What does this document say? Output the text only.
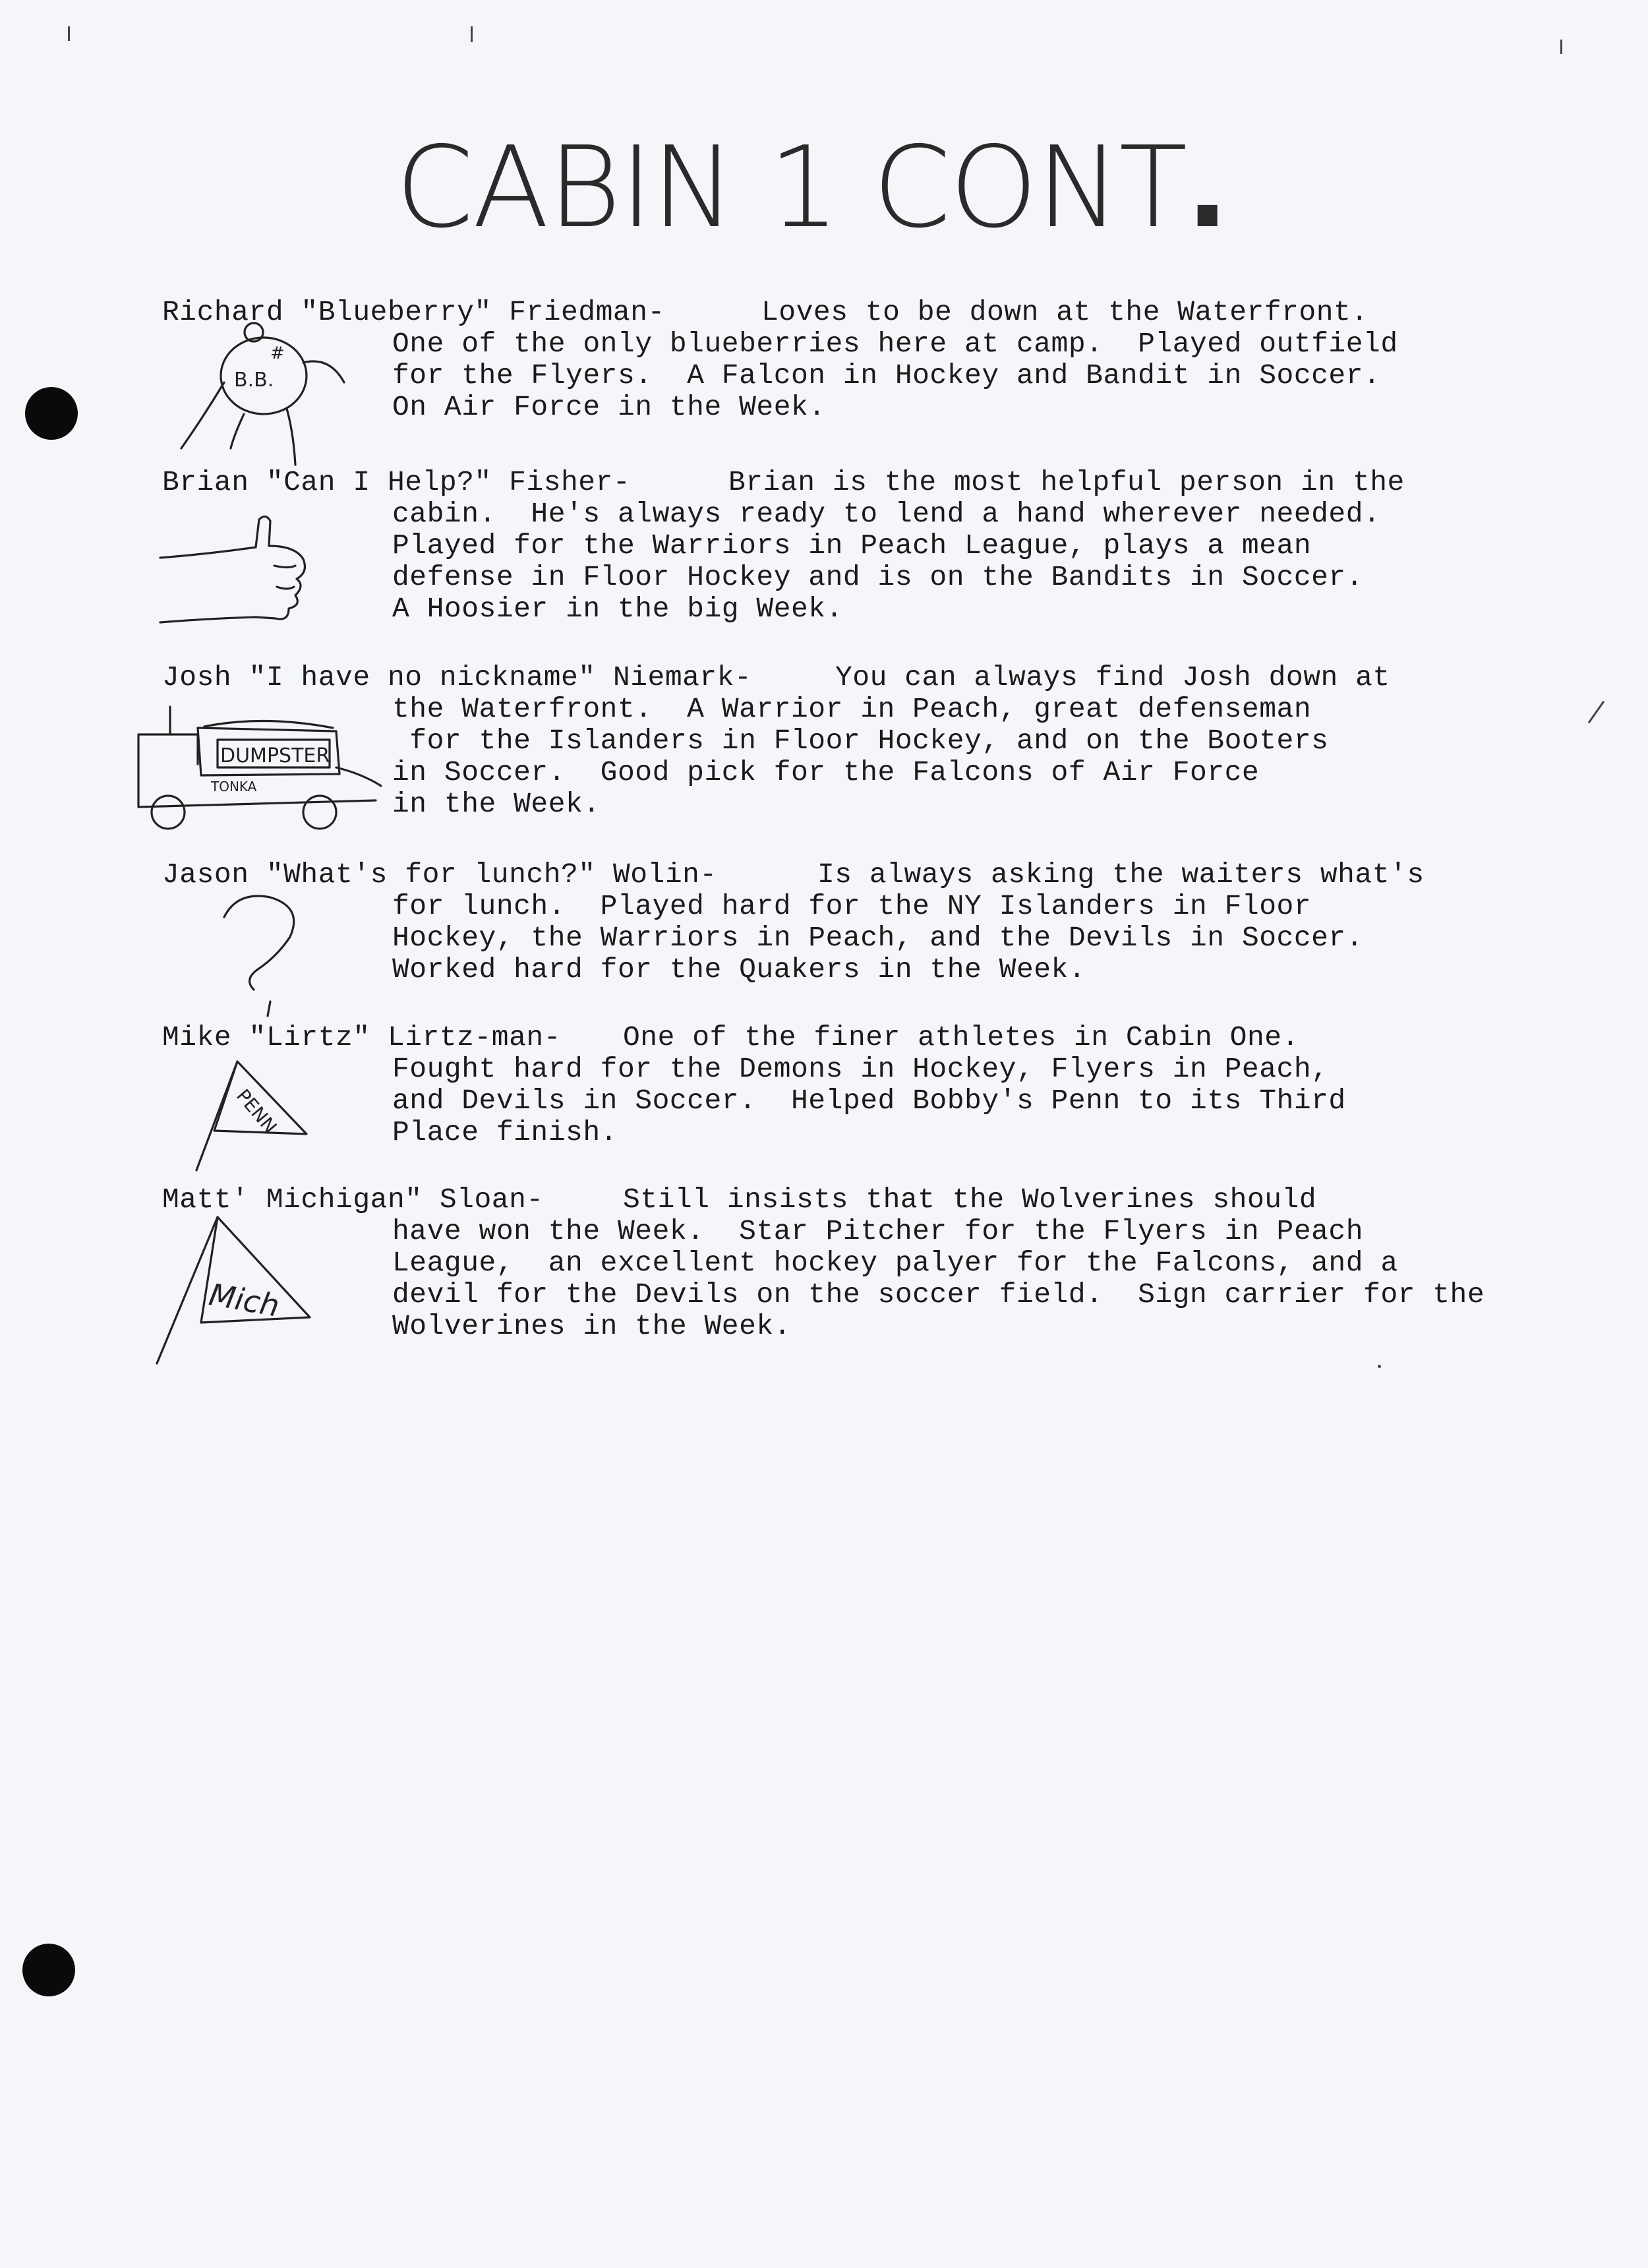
CABIN 1 CONT.
Richard "Blueberry" Friedman-	Loves to be down at the Waterfront.
One of the only blueberries here at camp.  Played outfield
for the Flyers.  A Falcon in Hockey and Bandit in Soccer.
On Air Force in the Week.
B.B.
#
Brian "Can I Help?" Fisher-	Brian is the most helpful person in the
cabin.  He's always ready to lend a hand wherever needed.
Played for the Warriors in Peach League, plays a mean
defense in Floor Hockey and is on the Bandits in Soccer.
A Hoosier in the big Week.
Josh "I have no nickname" Niemark-	You can always find Josh down at
the Waterfront.  A Warrior in Peach, great defenseman
for the Islanders in Floor Hockey, and on the Booters
in Soccer.  Good pick for the Falcons of Air Force
in the Week.
DUMPSTER
TONKA
Jason "What's for lunch?" Wolin-	Is always asking the waiters what's
for lunch.  Played hard for the NY Islanders in Floor
Hockey, the Warriors in Peach, and the Devils in Soccer.
Worked hard for the Quakers in the Week.
Mike "Lirtz" Lirtz-man- One of the finer athletes in Cabin One.
Fought hard for the Demons in Hockey, Flyers in Peach,
and Devils in Soccer.  Helped Bobby's Penn to its Third
Place finish.
PENN
Matt' Michigan" Sloan-	Still insists that the Wolverines should
have won the Week.  Star Pitcher for the Flyers in Peach
League,  an excellent hockey palyer for the Falcons, and a
devil for the Devils on the soccer field.  Sign carrier for the
Wolverines in the Week.
Mich
